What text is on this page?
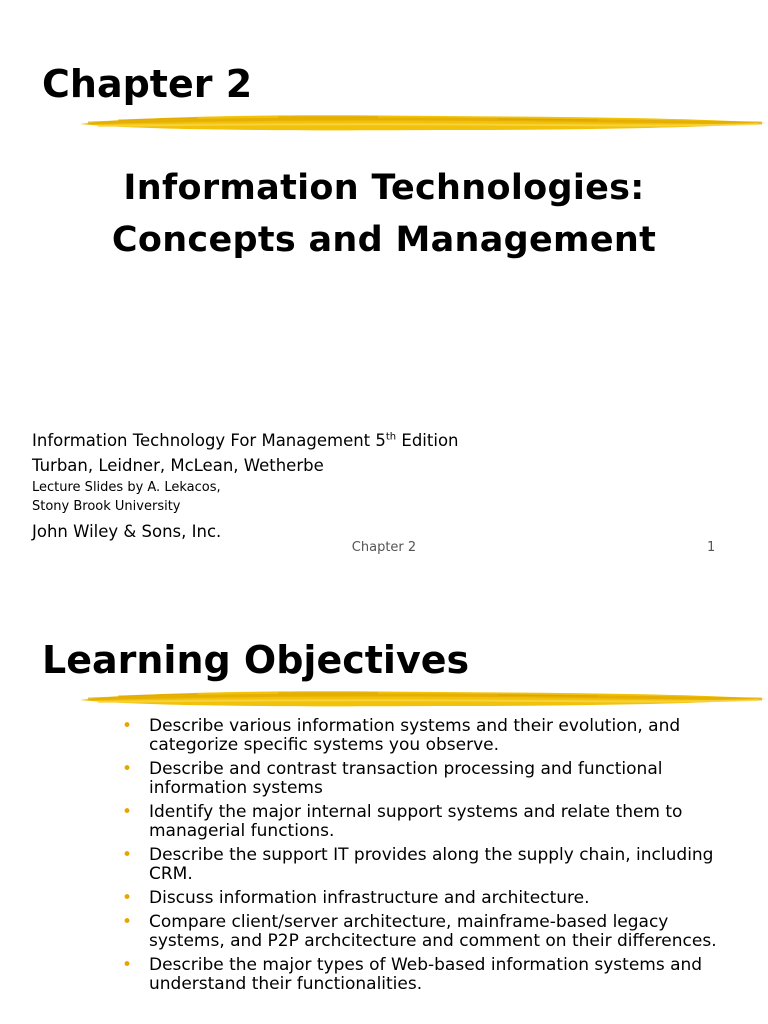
Chapter 2
Information Technologies:
Concepts and Management
Information Technology For Management 5th Edition
Turban, Leidner, McLean, Wetherbe
Lecture Slides by A. Lekacos,
Stony Brook University
John Wiley & Sons, Inc.
Chapter 2	1
Learning Objectives
• Describe various information systems and their evolution, and categorize specific systems you observe.
• Describe and contrast transaction processing and functional information systems
• Identify the major internal support systems and relate them to managerial functions.
• Describe the support IT provides along the supply chain, including CRM.
• Discuss information infrastructure and architecture.
• Compare client/server architecture, mainframe-based legacy systems, and P2P archcitecture and comment on their differences.
• Describe the major types of Web-based information systems and understand their functionalities.
